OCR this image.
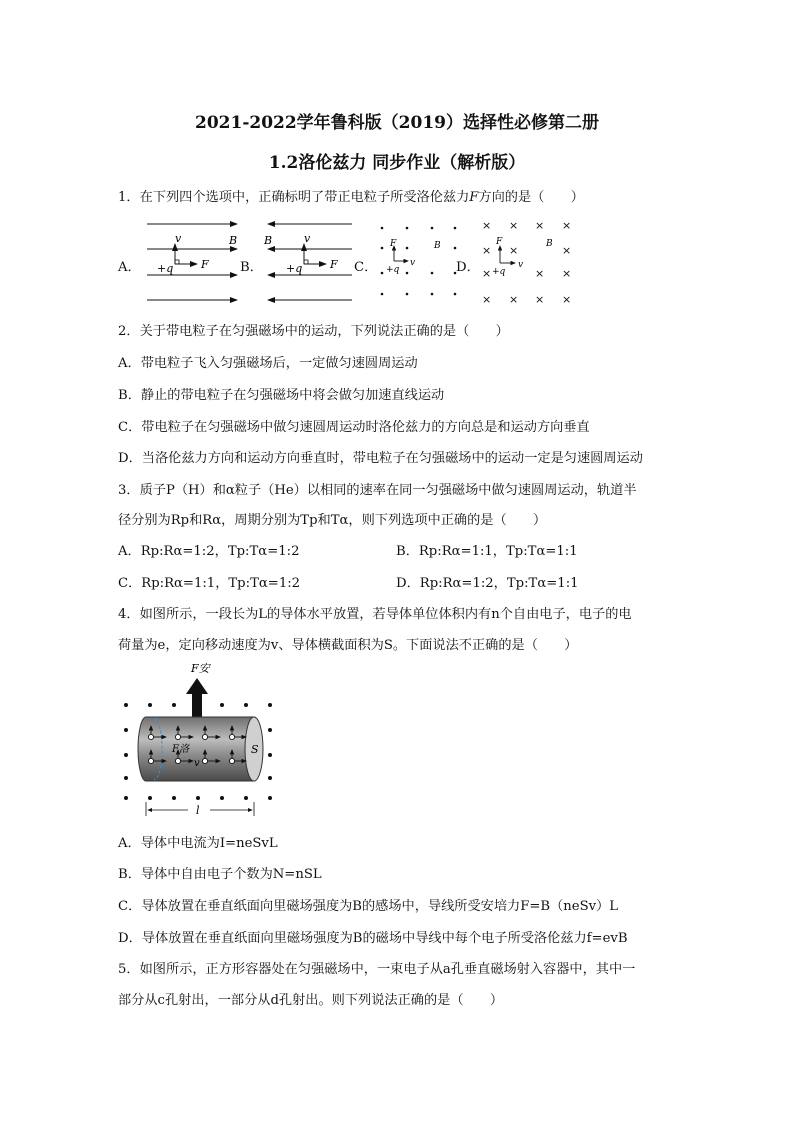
2021-2022学年鲁科版（2019）选择性必修第二册
1.2洛伦兹力 同步作业（解析版）
1．在下列四个选项中，正确标明了带正电粒子所受洛伦兹力F方向的是（　　）
A．	B．	C．	D．
v	B
+q	F
v
B
+q	F
F
v
+q
B
× × × ×
× ×	×
×	× ×
× × × ×
F
v
+q
B
2．关于带电粒子在匀强磁场中的运动，下列说法正确的是（　　）
A．带电粒子飞入匀强磁场后，一定做匀速圆周运动
B．静止的带电粒子在匀强磁场中将会做匀加速直线运动
C．带电粒子在匀强磁场中做匀速圆周运动时洛伦兹力的方向总是和运动方向垂直
D．当洛伦兹力方向和运动方向垂直时，带电粒子在匀强磁场中的运动一定是匀速圆周运动
3．质子P（H）和α粒子（He）以相同的速率在同一匀强磁场中做匀速圆周运动，轨道半
径分别为Rp和Rα，周期分别为Tp和Tα，则下列选项中正确的是（　　）
A．Rp:Rα=1:2，Tp:Tα=1:2	B．Rp:Rα=1:1，Tp:Tα=1:1
C．Rp:Rα=1:1，Tp:Tα=1:2	D．Rp:Rα=1:2，Tp:Tα=1:1
4．如图所示，一段长为L的导体水平放置，若导体单位体积内有n个自由电子，电子的电
荷量为e，定向移动速度为v、导体横截面积为S。下面说法不正确的是（　　）
F安
S
F洛
v
l
A．导体中电流为I=neSvL
B．导体中自由电子个数为N=nSL
C．导体放置在垂直纸面向里磁场强度为B的感场中，导线所受安培力F=B（neSv）L
D．导体放置在垂直纸面向里磁场强度为B的磁场中导线中每个电子所受洛伦兹力f=evB
5．如图所示，正方形容器处在匀强磁场中，一束电子从a孔垂直磁场射入容器中，其中一
部分从c孔射出，一部分从d孔射出。则下列说法正确的是（　　）
